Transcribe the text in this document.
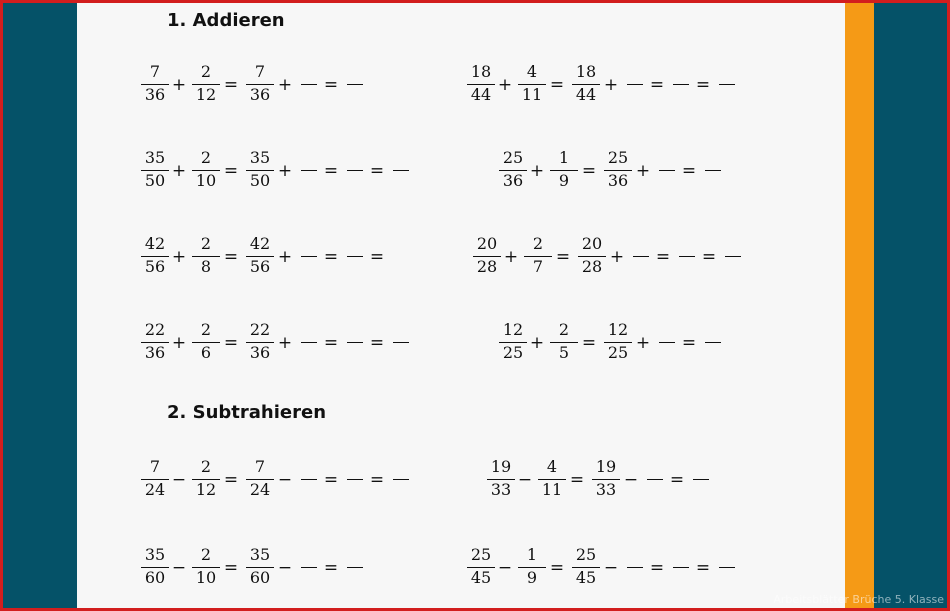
1. Addieren
7
36 +
2
12 =
7
36 + =
18
44 +
4
11 =
18
44 + = =
35
50 +
2
10 =
35
50 + = =
25
36 +
1
9 =
25
36 + =
42
56 +
2
8 =
42
56 + = =
20
28 +
2
7 =
20
28 + = =
22
36 +
2
6 =
22
36 + = =
12
25 +
2
5 =
12
25 + =
2. Subtrahieren
7
24 −
2
12 =
7
24 − = =
19
33 −
4
11 =
19
33 − =
35
60 −
2
10 =
35
60 − =
25
45 −
1
9 =
25
45 − = =
Arbeitsblätter Brüche 5. Klasse
